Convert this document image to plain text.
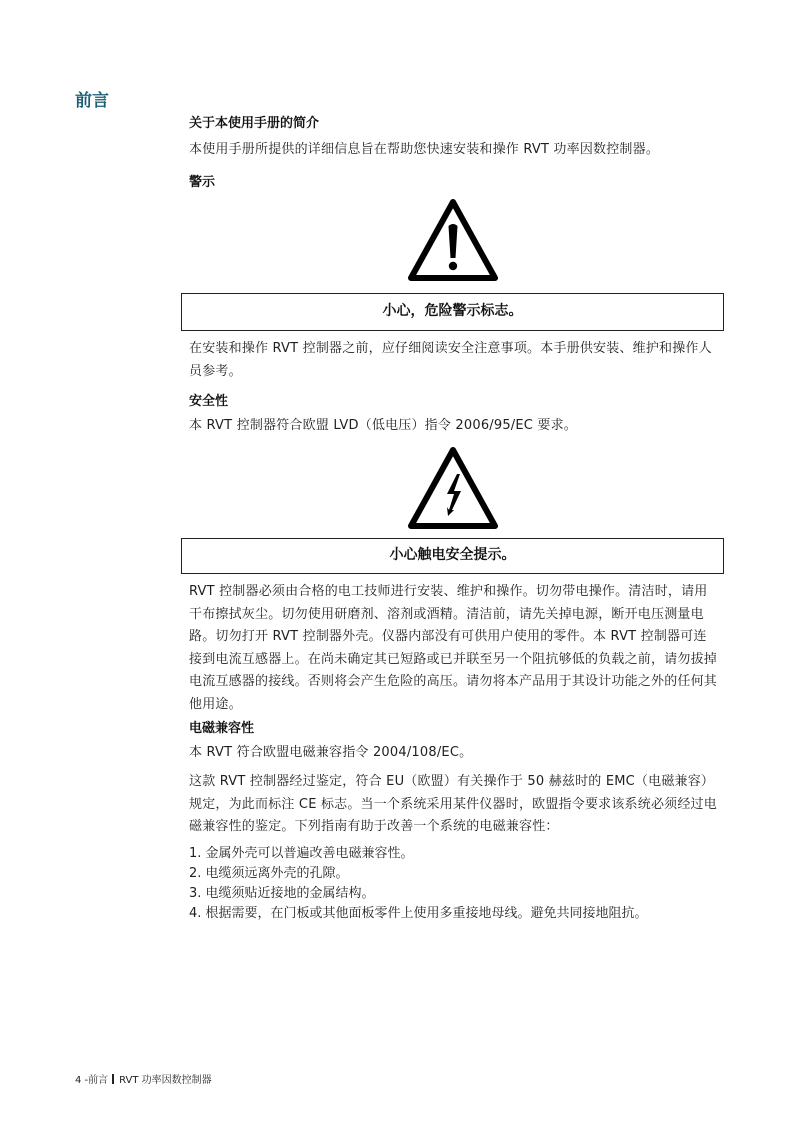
前言
关于本使用手册的简介
本使用手册所提供的详细信息旨在帮助您快速安装和操作 RVT 功率因数控制器。
警示
小心，危险警示标志。
在安装和操作 RVT 控制器之前，应仔细阅读安全注意事项。本手册供安装、维护和操作人员参考。
安全性
本 RVT 控制器符合欧盟 LVD（低电压）指令 2006/95/EC 要求。
小心触电安全提示。
RVT 控制器必须由合格的电工技师进行安装、维护和操作。切勿带电操作。清洁时，请用干布擦拭灰尘。切勿使用研磨剂、溶剂或酒精。清洁前，请先关掉电源，断开电压测量电路。切勿打开 RVT 控制器外壳。仪器内部没有可供用户使用的零件。本 RVT 控制器可连接到电流互感器上。在尚未确定其已短路或已并联至另一个阻抗够低的负载之前，请勿拔掉电流互感器的接线。否则将会产生危险的高压。请勿将本产品用于其设计功能之外的任何其他用途。
电磁兼容性
本 RVT 符合欧盟电磁兼容指令 2004/108/EC。
这款 RVT 控制器经过鉴定，符合 EU（欧盟）有关操作于 50 赫兹时的 EMC（电磁兼容）规定，为此而标注 CE 标志。当一个系统采用某件仪器时，欧盟指令要求该系统必须经过电磁兼容性的鉴定。下列指南有助于改善一个系统的电磁兼容性：
1. 金属外壳可以普遍改善电磁兼容性。
2. 电缆须远离外壳的孔隙。
3. 电缆须贴近接地的金属结构。
4. 根据需要，在门板或其他面板零件上使用多重接地母线。避免共同接地阻抗。
4 -前言 RVT 功率因数控制器
